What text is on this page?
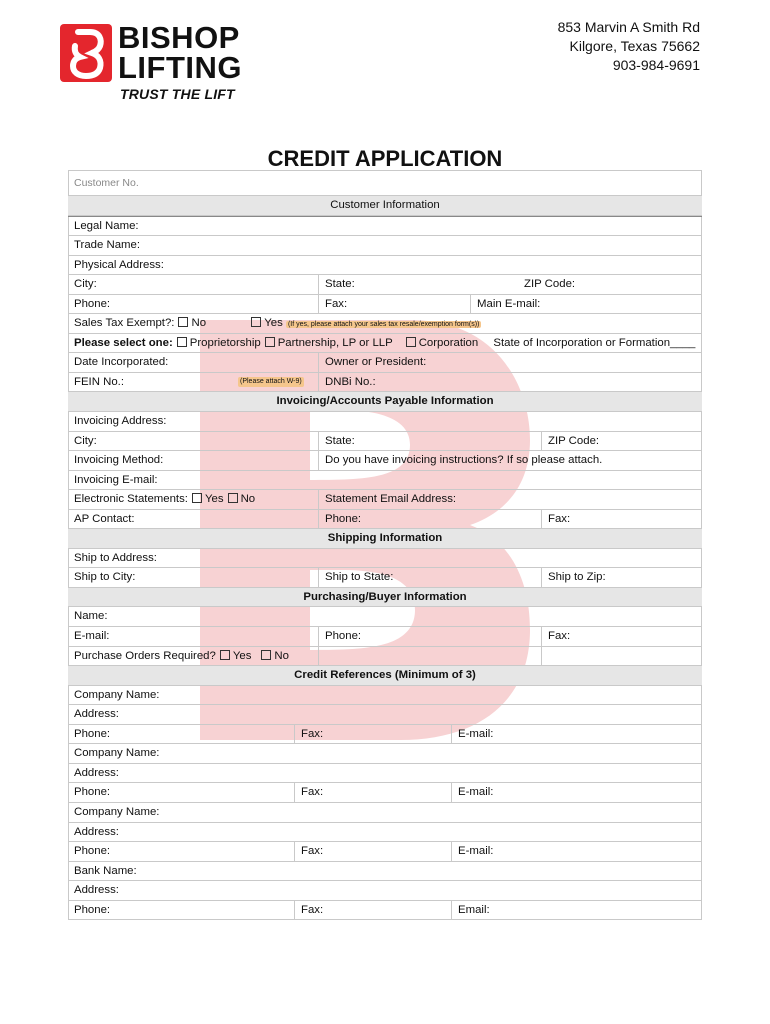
BISHOP
LIFTING
TRUST THE LIFT
853 Marvin A Smith Rd
Kilgore, Texas 75662
903-984-9691
CREDIT APPLICATION
Customer No.
Customer Information
Legal Name:
Trade Name:
Physical Address:
City:	State:	ZIP Code:
Phone:	Fax:	Main E-mail:
Sales Tax Exempt?: No	Yes (If yes, please attach your sales tax resale/exemption form(s))
Please select one: Proprietorship Partnership, LP or LLP Corporation State of Incorporation or Formation____
Date Incorporated:	Owner or President:
FEIN No.:	(Please attach W-9)	DNBi No.:
Invoicing/Accounts Payable Information
Invoicing Address:
City:	State:	ZIP Code:
Invoicing Method:	Do you have invoicing instructions? If so please attach.
Invoicing E-mail:
Electronic Statements: Yes No	Statement Email Address:
AP Contact:	Phone:	Fax:
Shipping Information
Ship to Address:
Ship to City:	Ship to State:	Ship to Zip:
Purchasing/Buyer Information
Name:
E-mail:	Phone:	Fax:
Purchase Orders Required? Yes No
Credit References (Minimum of 3)
Company Name:
Address:
Phone:	Fax:	E-mail:
Company Name:
Address:
Phone:	Fax:	E-mail:
Company Name:
Address:
Phone:	Fax:	E-mail:
Bank Name:
Address:
Phone:	Fax:	Email:
